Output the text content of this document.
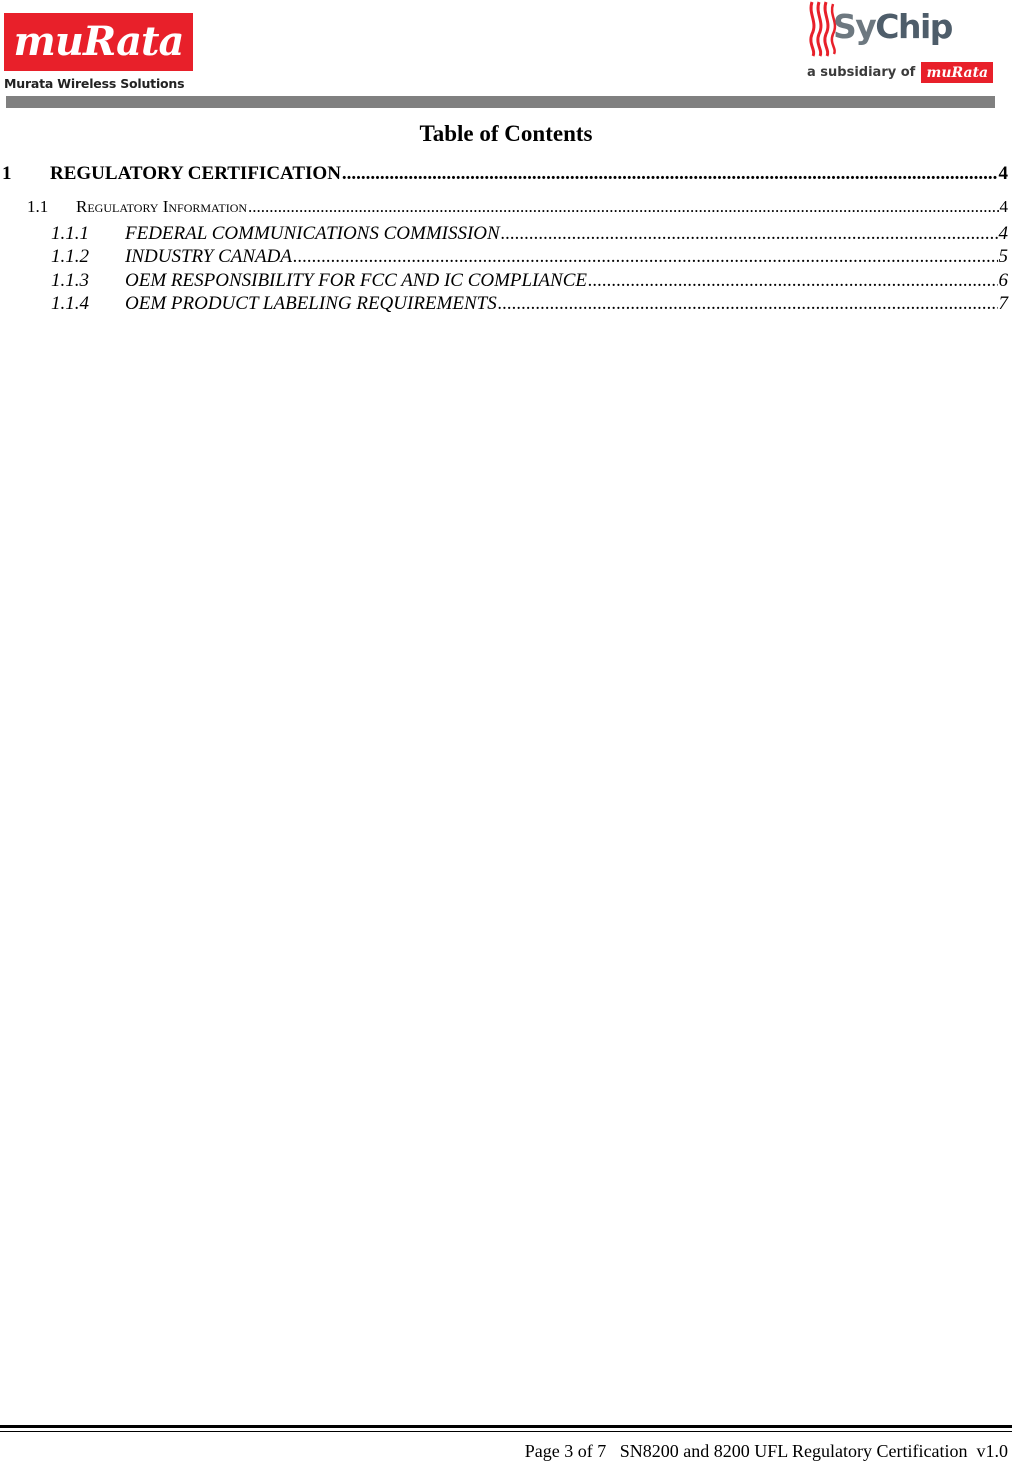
muRata
Murata Wireless Solutions
SyChip
a subsidiary of muRata
Table of Contents
1	REGULATORY CERTIFICATION .....	4
1.1	Regulatory Information .....	4
1.1.1	FEDERAL COMMUNICATIONS COMMISSION .....	4
1.1.2	INDUSTRY CANADA .....	5
1.1.3	OEM RESPONSIBILITY FOR FCC AND IC COMPLIANCE .....	6
1.1.4	OEM PRODUCT LABELING REQUIREMENTS .....	7
Page 3 of 7 SN8200 and 8200 UFL Regulatory Certification  v1.0
